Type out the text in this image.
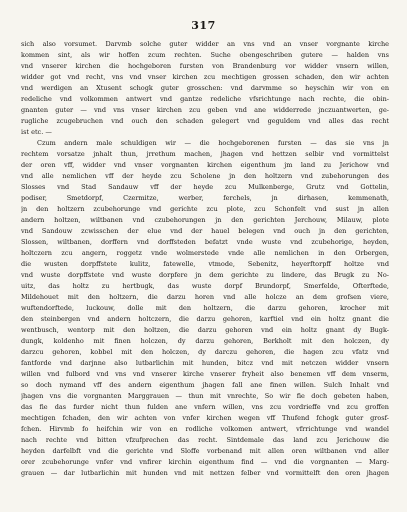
317
sich also vorsumet. Darvmb solche guter widder an vns vnd an vnser vorgnante kirche
kommen sint, als wir hoffen zcum rechten. Suche obengeschriben gutere — halden vns
vnd vnserer kirchen die hochgeboren fursten von Brandenburg vor widder vnsern willen,
widder got vnd recht, vns vnd vnser kirchen zcu mechtigen grossen schaden, den wir achten
vnd werdigen an Xtusent schogk guter grosschen: vnd darvmme so heyschin wir von en
redeliche vnd volkommen antwert vnd gantze redeliche vfsrichtunge nach rechte, die obin-
gnanten guter — vnd vns vnser kirchen zcu geben vnd ane widderrede jnczuantwerten, ge-
rugliche zcugebruchen vnd ouch den schaden gelegert vnd geguldem vnd alles das recht
ist etc. —
Czum andern male schuldigen wir — die hochgeborenen fursten — das sie vns jn
rechtem vorsatze jnhalt thun, jrrethum machen, jhagen vnd hettzen selbir vnd vormittelst
der oren vff, widder vnd vnser vorgnanten kirchen eigenthum jm land zu Jerichow vnd
vnd alle nemlichen vff der heyde zcu Scholene jn den holtzern vnd zubehorungen des
Slosses vnd Stad Sandauw vff der heyde zcu Mulkenberge, Grutz vnd Gottelin,
podiser, Smetdorpf, Czermitze, werber, ferchels, jn dirhasen, kemmenath,
jn den holtzern zcubehorunge vnd gerichte zcu plote, zcu Schonfelt vnd sust jn allen
andern holtzen, wiltbanen vnd czubehorungen jn den gerichten Jerchouw, Milauw, plote
vnd Sandouw zcwisschen der elue vnd der hauel belegen vnd ouch jn den gerichten,
Slossen, wiltbanen, dorffern vnd dorffsteden befatzt vnde wuste vnd zcubehorige, heyden,
holtczern zcu angern, roggetz vnde wolmerstede vnde alle nemlichen in den Orbergen,
die wusten dorpffstete kulitz, fatewelle, vtmode, Sebenitz, heyerftorpff holtze vnd
vnd wuste dorpffstete vnd wuste dorpfere jn dem gerichte zu lindere, das Brugk zu No-
uitz, das holtz zu hertbugk, das wuste dorpf Brundorpf, Smerfelde, Ofterftede,
Mildehouet mit den holtzern, die darzu horen vnd alle holcze an dem grofsen viere,
wuftendorftede, luckouw, dolle mit den holtzern, die darzu gehoren, krocher mit
den steinbergen vnd andern holtczern, die darzu gehoren, karftiel vnd ein holtz gnant die
wentbusch, wentorp mit den holtzen, die darzu gehoren vnd ein holtz gnant dy Bugk-
dungk, koldenho mit finen holczen, dy darzu gehoren, Berkholt mit den holczen, dy
darzcu gehoren, kobbel mit den holczen, dy darczu gehoren, die hagen zcu vfatz vnd
fantforde vnd darjnne also lutbarlichin mit hunden, bitcz vnd mit netczen widder vnsern
willen vnd fulbord vnd vns vnd vnserer kirche vnserer fryheit also benemen vff dem vnserm,
so doch nymand vff des andern eigenthum jhagen fall ane finen willen. Sulch Inhalt vnd
jhagen vns die vorgnanten Marggrauen — thun mit vnrechte, So wir fie doch gebeten haben,
das fie das furder nicht thun fulden ane vnfern willen, vns zcu vordrieffe vnd zcu groffen
mechtigen fchaden, den wir achten von vnfer kirchen wegen vff Thufend fchogk guter grosf-
fchen. Hirvmb fo heifchin wir von en rodliche volkomen antwert, vfrrichtunge vnd wandel
nach rechte vnd bitten vfzufprechen das recht. Sintdemale das land zcu Jerichouw die
heyden darfelbft vnd die gerichte vnd Sloffe vorbenand mit allen oren wiltbanen vnd aller
orer zcubehorunge vnfer vnd vnfirer kirchin eigenthum find — vnd die vorgnanten — Marg-
grauen — dar lutbarlichin mit hunden vnd mit nettzen felber vnd vormittelft den oren jhagen
